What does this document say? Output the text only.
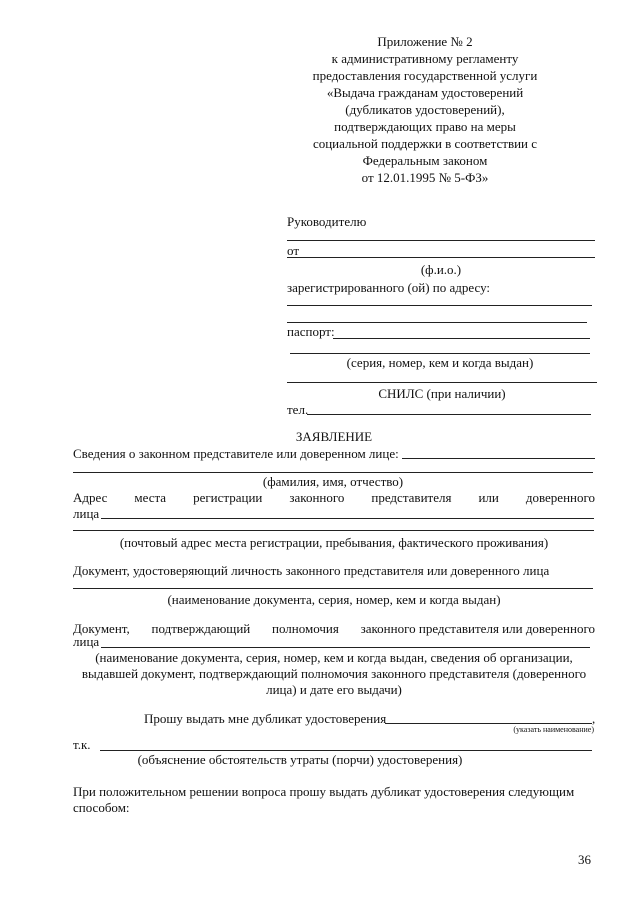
Приложение № 2
к административному регламенту
предоставления государственной услуги
«Выдача гражданам удостоверений
(дубликатов удостоверений),
подтверждающих право на меры
социальной поддержки в соответствии с
Федеральным законом
от 12.01.1995 № 5-ФЗ»
Руководителю
от
(ф.и.о.)
зарегистрированного (ой) по адресу:
паспорт:
(серия, номер, кем и когда выдан)
СНИЛС (при наличии)
тел.
ЗАЯВЛЕНИЕ
Сведения о законном представителе или доверенном лице:
(фамилия, имя, отчество)
Адрес места регистрации законного представителя или доверенного
лица
(почтовый адрес места регистрации, пребывания, фактического проживания)
Документ, удостоверяющий личность законного представителя или доверенного лица
(наименование документа, серия, номер, кем и когда выдан)
Документ, подтверждающий полномочия законного представителя или доверенного
лица
(наименование документа, серия, номер, кем и когда выдан, сведения об организации,
выдавшей документ, подтверждающий полномочия законного представителя (доверенного
лица) и дате его выдачи)
Прошу выдать мне дубликат удостоверения	,
(указать наименование)
т.к.
(объяснение обстоятельств утраты (порчи) удостоверения)
При положительном решении вопроса прошу выдать дубликат удостоверения следующим
способом:
36
